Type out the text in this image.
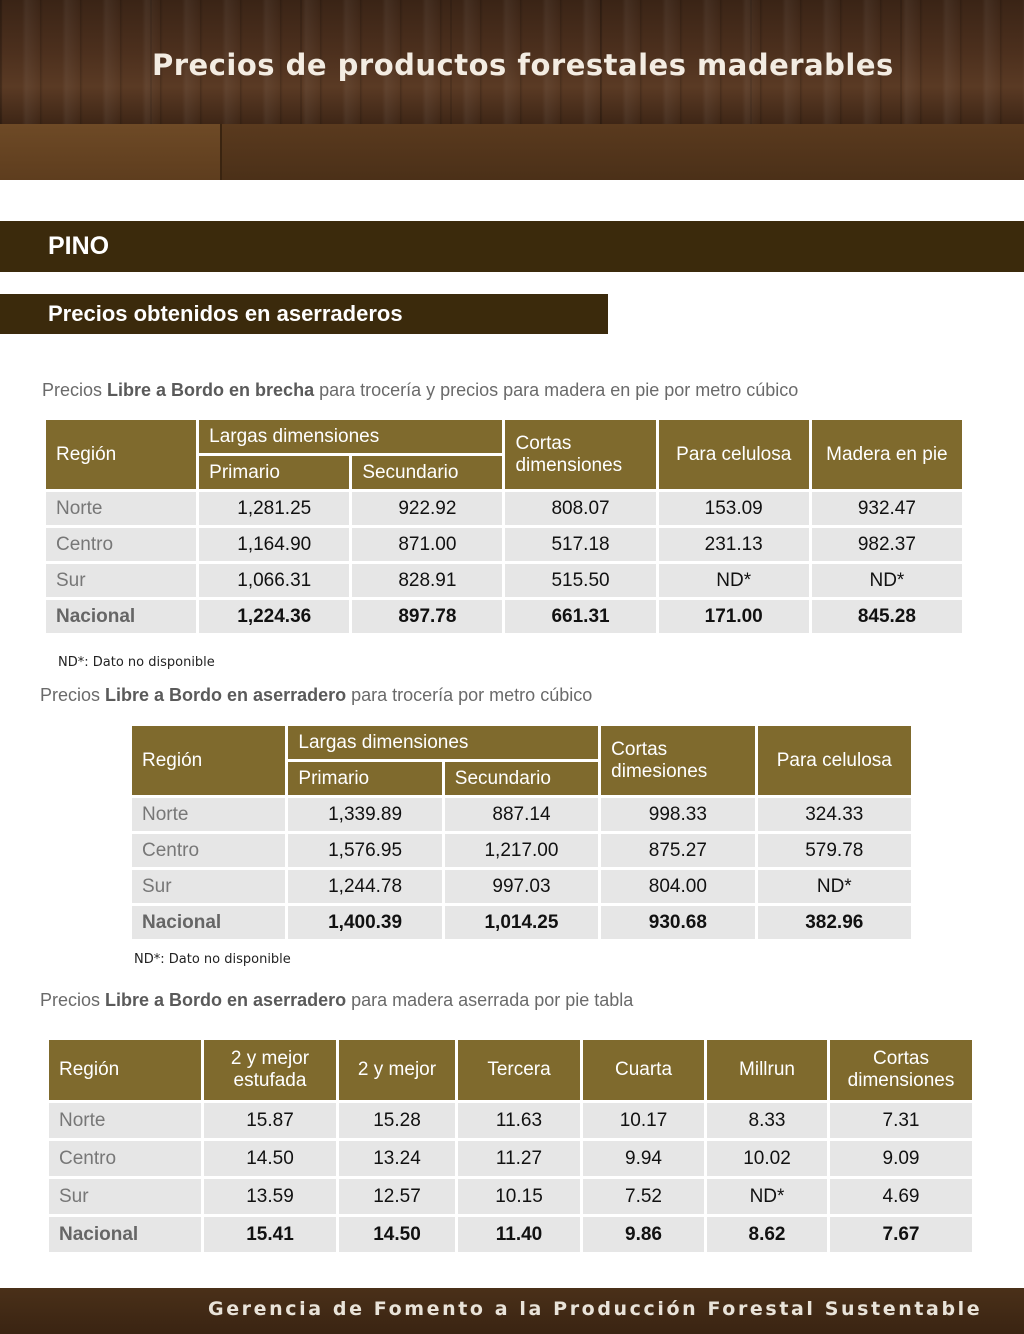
Precios de productos forestales maderables
PINO
Precios obtenidos en aserraderos

Precios Libre a Bordo en brecha para trocería y precios para madera en pie por metro cúbico

Región	Largas dimensiones		Cortas dimensiones	Para celulosa	Madera en pie
	Primario	Secundario			
Norte	1,281.25	922.92	808.07	153.09	932.47
Centro	1,164.90	871.00	517.18	231.13	982.37
Sur	1,066.31	828.91	515.50	ND*	ND*
Nacional	1,224.36	897.78	661.31	171.00	845.28

ND*: Dato no disponible

Precios Libre a Bordo en aserradero para trocería por metro cúbico

Región	Largas dimensiones		Cortas dimesiones	Para celulosa
	Primario	Secundario		
Norte	1,339.89	887.14	998.33	324.33
Centro	1,576.95	1,217.00	875.27	579.78
Sur	1,244.78	997.03	804.00	ND*
Nacional	1,400.39	1,014.25	930.68	382.96

ND*: Dato no disponible

Precios Libre a Bordo en aserradero para madera aserrada por pie tabla

Región	2 y mejor estufada	2 y mejor	Tercera	Cuarta	Millrun	Cortas dimensiones
Norte	15.87	15.28	11.63	10.17	8.33	7.31
Centro	14.50	13.24	11.27	9.94	10.02	9.09
Sur	13.59	12.57	10.15	7.52	ND*	4.69
Nacional	15.41	14.50	11.40	9.86	8.62	7.67
Gerencia de Fomento a la Producción Forestal Sustentable
